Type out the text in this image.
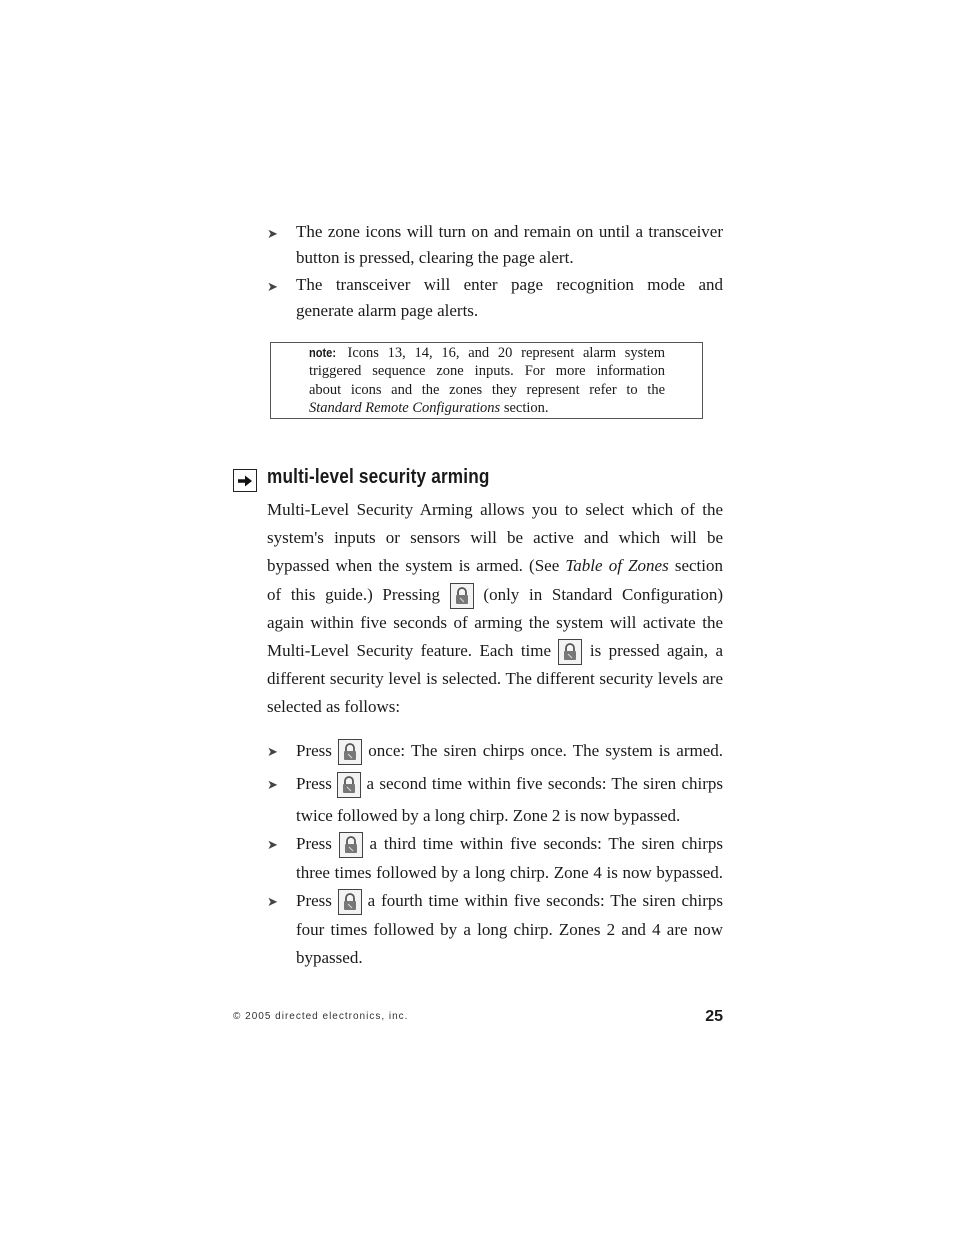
➤ The zone icons will turn on and remain on until a transceiver
button is pressed, clearing the page alert.
➤ The transceiver will enter page recognition mode and
generate alarm page alerts.
note: Icons 13, 14, 16, and 20 represent alarm system
triggered sequence zone inputs. For more information
about icons and the zones they represent refer to the
Standard Remote Configurations section.
multi-level security arming
Multi-Level Security Arming allows you to select which of the
system's inputs or sensors will be active and which will be
bypassed when the system is armed. (See Table of Zones section
of this guide.) Pressing	(only in Standard Configuration)
again within five seconds of arming the system will activate the
Multi-Level Security feature. Each time is pressed again, a
different security level is selected. The different security levels are
selected as follows:
➤ Press once: The siren chirps once. The system is armed.
➤ Press a second time within five seconds: The siren chirps
twice followed by a long chirp. Zone 2 is now bypassed.
➤ Press a third time within five seconds: The siren chirps
three times followed by a long chirp. Zone 4 is now bypassed.
➤ Press a fourth time within five seconds: The siren chirps
four times followed by a long chirp. Zones 2 and 4 are now
bypassed.
© 2005 directed electronics, inc.	25
